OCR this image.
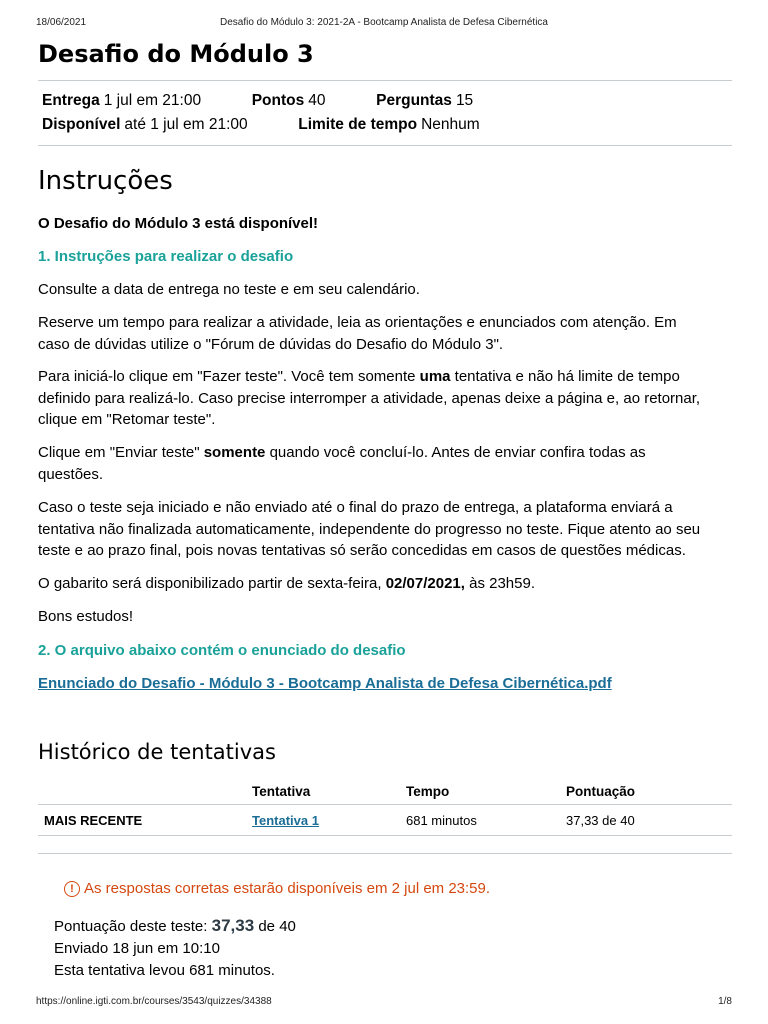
18/06/2021	Desafio do Módulo 3: 2021-2A - Bootcamp Analista de Defesa Cibernética
Desafio do Módulo 3
Entrega 1 jul em 21:00	Pontos 40	Perguntas 15
Disponível até 1 jul em 21:00	Limite de tempo Nenhum
Instruções

O Desafio do Módulo 3 está disponível!

1. Instruções para realizar o desafio

Consulte a data de entrega no teste e em seu calendário.

Reserve um tempo para realizar a atividade, leia as orientações e enunciados com atenção. Em caso de dúvidas utilize o "Fórum de dúvidas do Desafio do Módulo 3".

Para iniciá-lo clique em "Fazer teste". Você tem somente uma tentativa e não há limite de tempo definido para realizá-lo. Caso precise interromper a atividade, apenas deixe a página e, ao retornar, clique em "Retomar teste".

Clique em "Enviar teste" somente quando você concluí-lo. Antes de enviar confira todas as questões.

Caso o teste seja iniciado e não enviado até o final do prazo de entrega, a plataforma enviará a tentativa não finalizada automaticamente, independente do progresso no teste. Fique atento ao seu teste e ao prazo final, pois novas tentativas só serão concedidas em casos de questões médicas.

O gabarito será disponibilizado partir de sexta-feira, 02/07/2021, às 23h59.

Bons estudos!

2. O arquivo abaixo contém o enunciado do desafio

Enunciado do Desafio - Módulo 3 - Bootcamp Analista de Defesa Cibernética.pdf

Histórico de tentativas
	Tentativa	Tempo	Pontuação
MAIS RECENTE	Tentativa 1	681 minutos	37,33 de 40
! As respostas corretas estarão disponíveis em 2 jul em 23:59.
Pontuação deste teste: 37,33 de 40
Enviado 18 jun em 10:10
Esta tentativa levou 681 minutos.
https://online.igti.com.br/courses/3543/quizzes/34388	1/8
